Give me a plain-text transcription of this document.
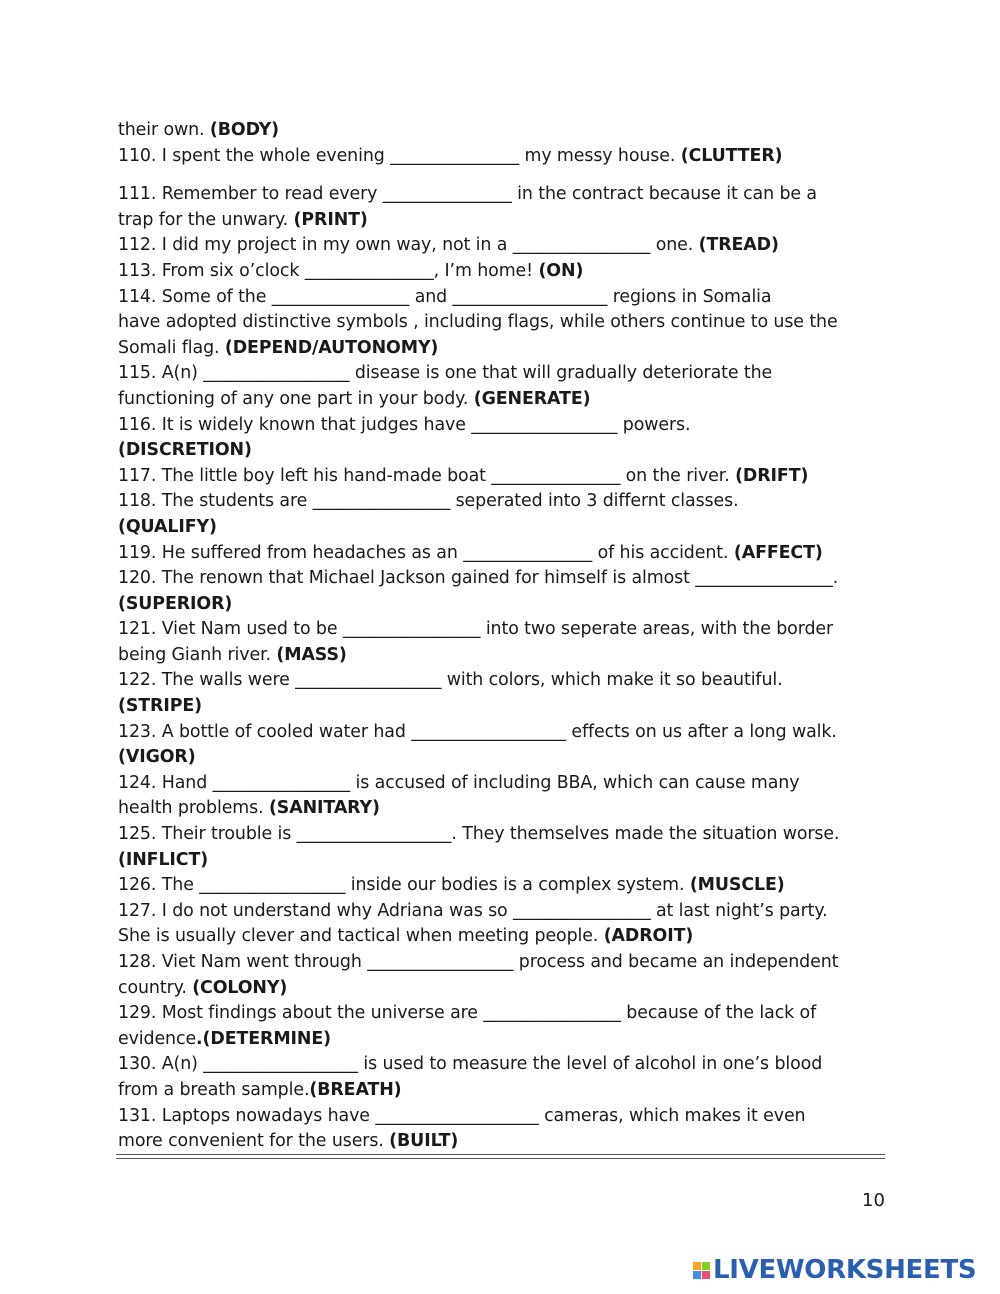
their own. (BODY)
110. I spent the whole evening _______________ my messy house. (CLUTTER)
111. Remember to read every _______________ in the contract because it can be a
trap for the unwary. (PRINT)
112. I did my project in my own way, not in a ________________ one. (TREAD)
113. From six o’clock _______________, I’m home! (ON)
114. Some of the ________________ and __________________ regions in Somalia
have adopted distinctive symbols , including flags, while others continue to use the
Somali flag. (DEPEND/AUTONOMY)
115. A(n) _________________ disease is one that will gradually deteriorate the
functioning of any one part in your body. (GENERATE)
116. It is widely known that judges have _________________ powers.
(DISCRETION)
117. The little boy left his hand-made boat _______________ on the river. (DRIFT)
118. The students are ________________ seperated into 3 differnt classes.
(QUALIFY)
119. He suffered from headaches as an _______________ of his accident. (AFFECT)
120. The renown that Michael Jackson gained for himself is almost ________________.
(SUPERIOR)
121. Viet Nam used to be ________________ into two seperate areas, with the border
being Gianh river. (MASS)
122. The walls were _________________ with colors, which make it so beautiful.
(STRIPE)
123. A bottle of cooled water had __________________ effects on us after a long walk.
(VIGOR)
124. Hand ________________ is accused of including BBA, which can cause many
health problems. (SANITARY)
125. Their trouble is __________________. They themselves made the situation worse.
(INFLICT)
126. The _________________ inside our bodies is a complex system. (MUSCLE)
127. I do not understand why Adriana was so ________________ at last night’s party.
She is usually clever and tactical when meeting people. (ADROIT)
128. Viet Nam went through _________________ process and became an independent
country. (COLONY)
129. Most findings about the universe are ________________ because of the lack of
evidence.(DETERMINE)
130. A(n) __________________ is used to measure the level of alcohol in one’s blood
from a breath sample.(BREATH)
131. Laptops nowadays have ___________________ cameras, which makes it even
more convenient for the users. (BUILT)
10
LIVEWORKSHEETS
